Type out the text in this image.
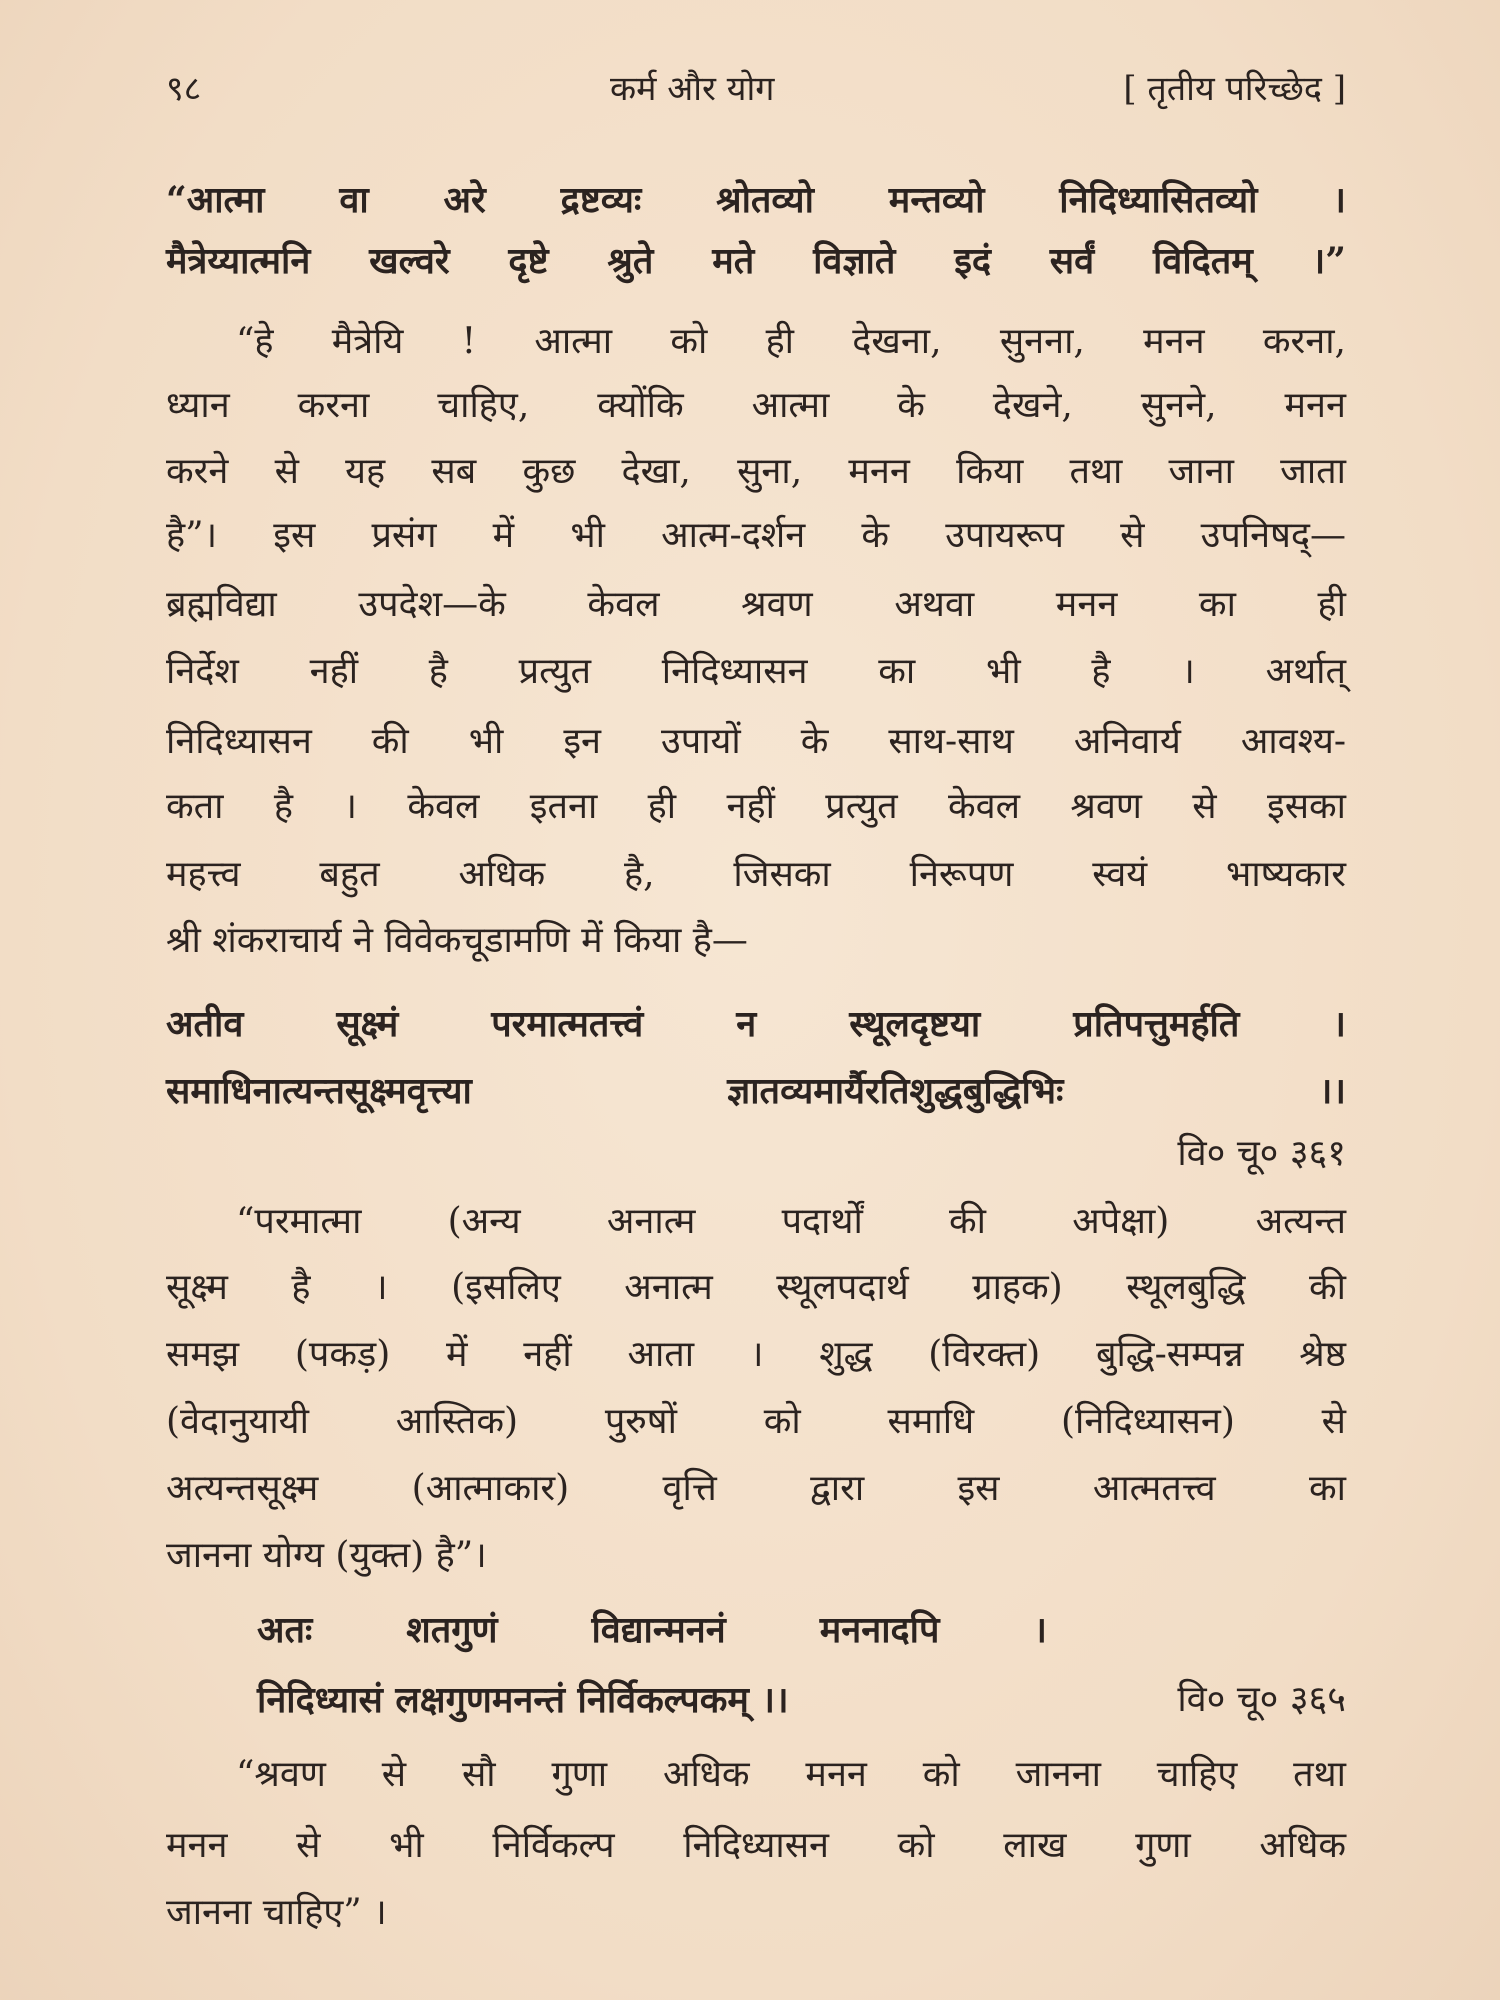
९८	कर्म और योग	[ तृतीय परिच्छेद ]
“आत्मा वा अरे द्रष्टव्यः श्रोतव्यो मन्तव्यो निदिध्यासितव्यो ।
मैत्रेय्यात्मनि खल्वरे दृष्टे श्रुते मते विज्ञाते इदं सर्वं विदितम् ।”
“हे मैत्रेयि ! आत्मा को ही देखना, सुनना, मनन करना,
ध्यान करना चाहिए, क्योंकि आत्मा के देखने, सुनने, मनन
करने से यह सब कुछ देखा, सुना, मनन किया तथा जाना जाता
है”। इस प्रसंग में भी आत्म-दर्शन के उपायरूप से उपनिषद्—
ब्रह्मविद्या उपदेश—के केवल श्रवण अथवा मनन का ही
निर्देश नहीं है प्रत्युत निदिध्यासन का भी है । अर्थात्
निदिध्यासन की भी इन उपायों के साथ-साथ अनिवार्य आवश्य-
कता है । केवल इतना ही नहीं प्रत्युत केवल श्रवण से इसका
महत्त्व बहुत अधिक है, जिसका निरूपण स्वयं भाष्यकार
श्री शंकराचार्य ने विवेकचूडामणि में किया है—
अतीव सूक्ष्मं परमात्मतत्त्वं न स्थूलदृष्टया प्रतिपत्तुमर्हति ।
समाधिनात्यन्तसूक्ष्मवृत्त्या ज्ञातव्यमार्यैरतिशुद्धबुद्धिभिः ।।
वि० चू० ३६१
“परमात्मा (अन्य अनात्म पदार्थों की अपेक्षा) अत्यन्त
सूक्ष्म है । (इसलिए अनात्म स्थूलपदार्थ ग्राहक) स्थूलबुद्धि की
समझ (पकड़) में नहीं आता । शुद्ध (विरक्त) बुद्धि-सम्पन्न श्रेष्ठ
(वेदानुयायी आस्तिक) पुरुषों को समाधि (निदिध्यासन) से
अत्यन्तसूक्ष्म (आत्माकार) वृत्ति द्वारा इस आत्मतत्त्व का
जानना योग्य (युक्त) है”।
अतः शतगुणं विद्यान्मननं मननादपि ।
निदिध्यासं लक्षगुणमनन्तं निर्विकल्पकम् ।।	वि० चू० ३६५
“श्रवण से सौ गुणा अधिक मनन को जानना चाहिए तथा
मनन से भी निर्विकल्प निदिध्यासन को लाख गुणा अधिक
जानना चाहिए” ।
